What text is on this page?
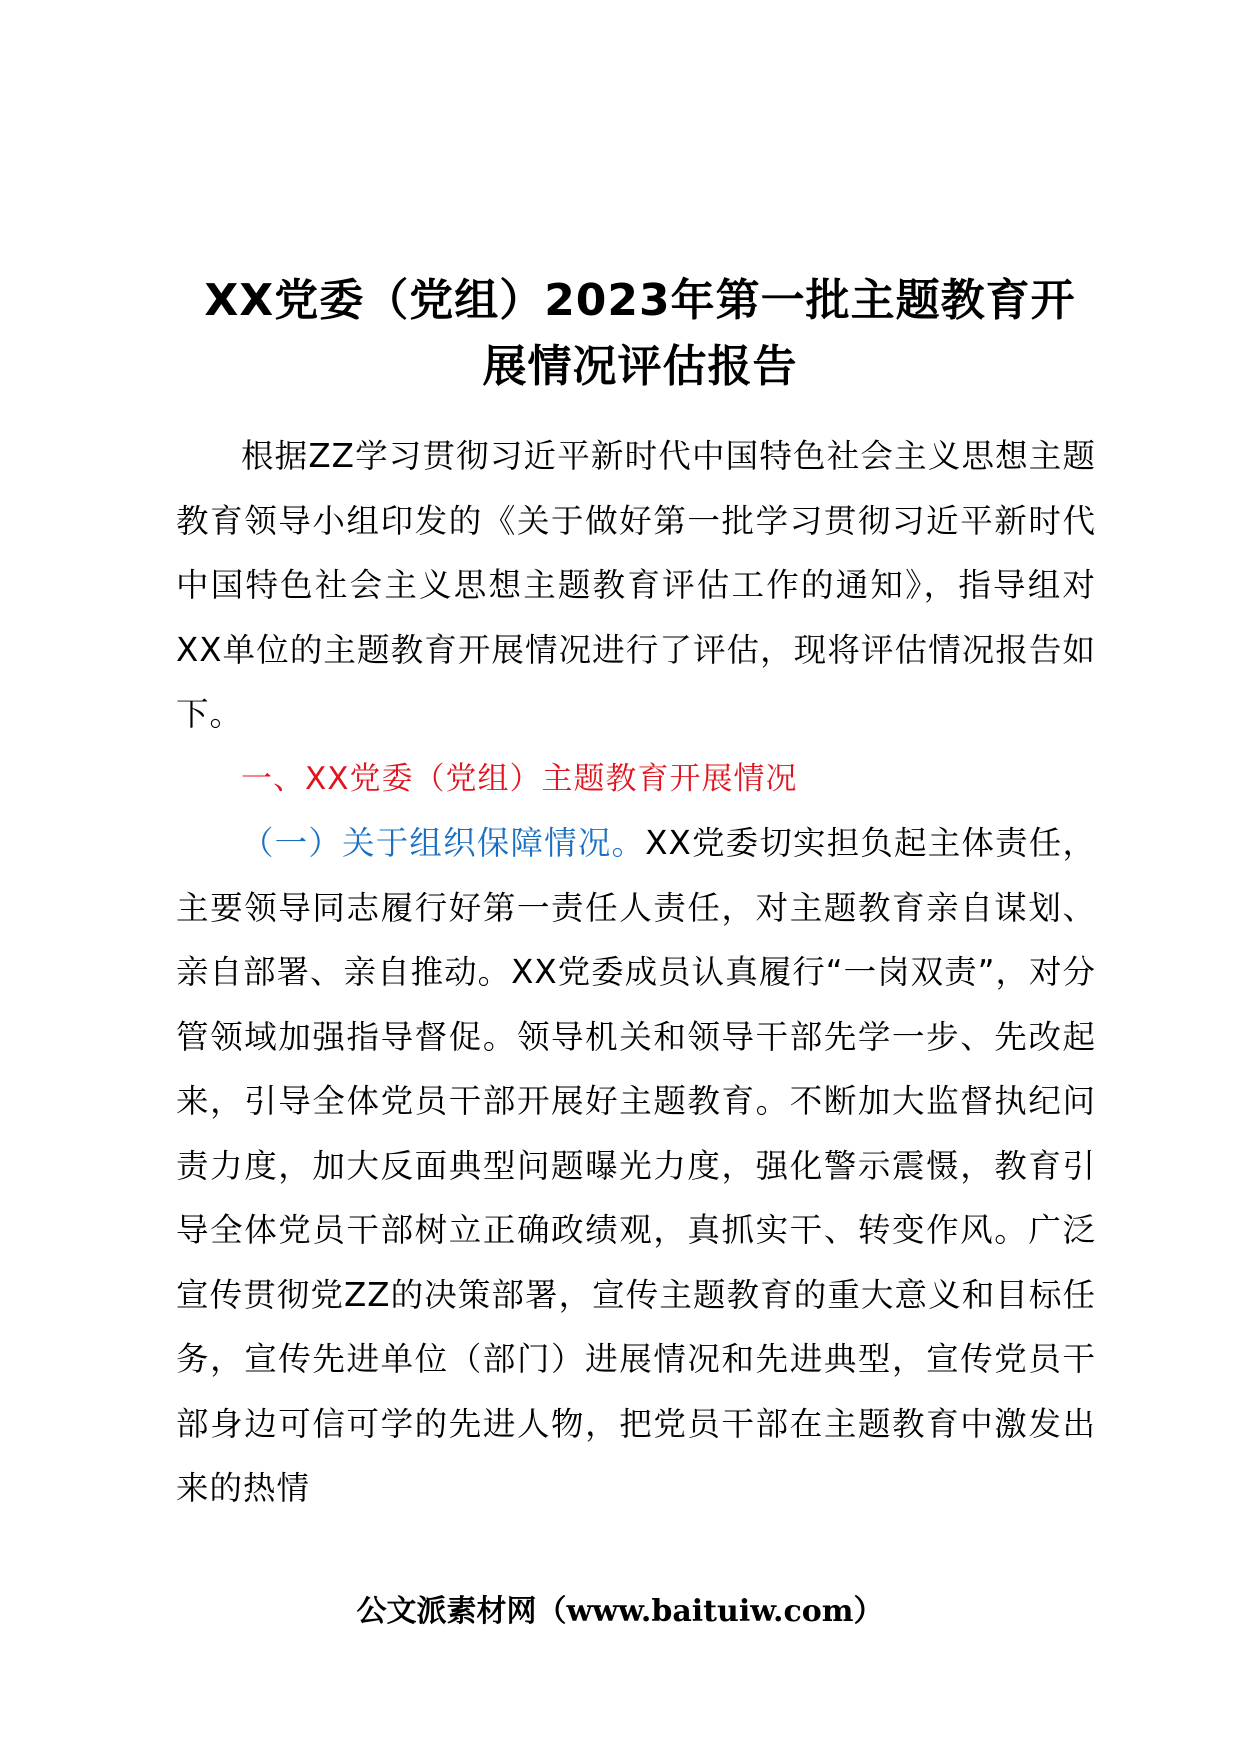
XX党委（党组）2023年第一批主题教育开
展情况评估报告

根据ZZ学习贯彻习近平新时代中国特色社会主义思想主题教育领导小组印发的《关于做好第一批学习贯彻习近平新时代中国特色社会主义思想主题教育评估工作的通知》，指导组对XX单位的主题教育开展情况进行了评估，现将评估情况报告如下。

一、XX党委（党组）主题教育开展情况

（一）关于组织保障情况。XX党委切实担负起主体责任，主要领导同志履行好第一责任人责任，对主题教育亲自谋划、亲自部署、亲自推动。XX党委成员认真履行“一岗双责”，对分管领域加强指导督促。领导机关和领导干部先学一步、先改起来，引导全体党员干部开展好主题教育。不断加大监督执纪问责力度，加大反面典型问题曝光力度，强化警示震慑，教育引导全体党员干部树立正确政绩观，真抓实干、转变作风。广泛宣传贯彻党ZZ的决策部署，宣传主题教育的重大意义和目标任务，宣传先进单位（部门）进展情况和先进典型，宣传党员干部身边可信可学的先进人物，把党员干部在主题教育中激发出来的热情

公文派素材网（www.baituiw.com）
